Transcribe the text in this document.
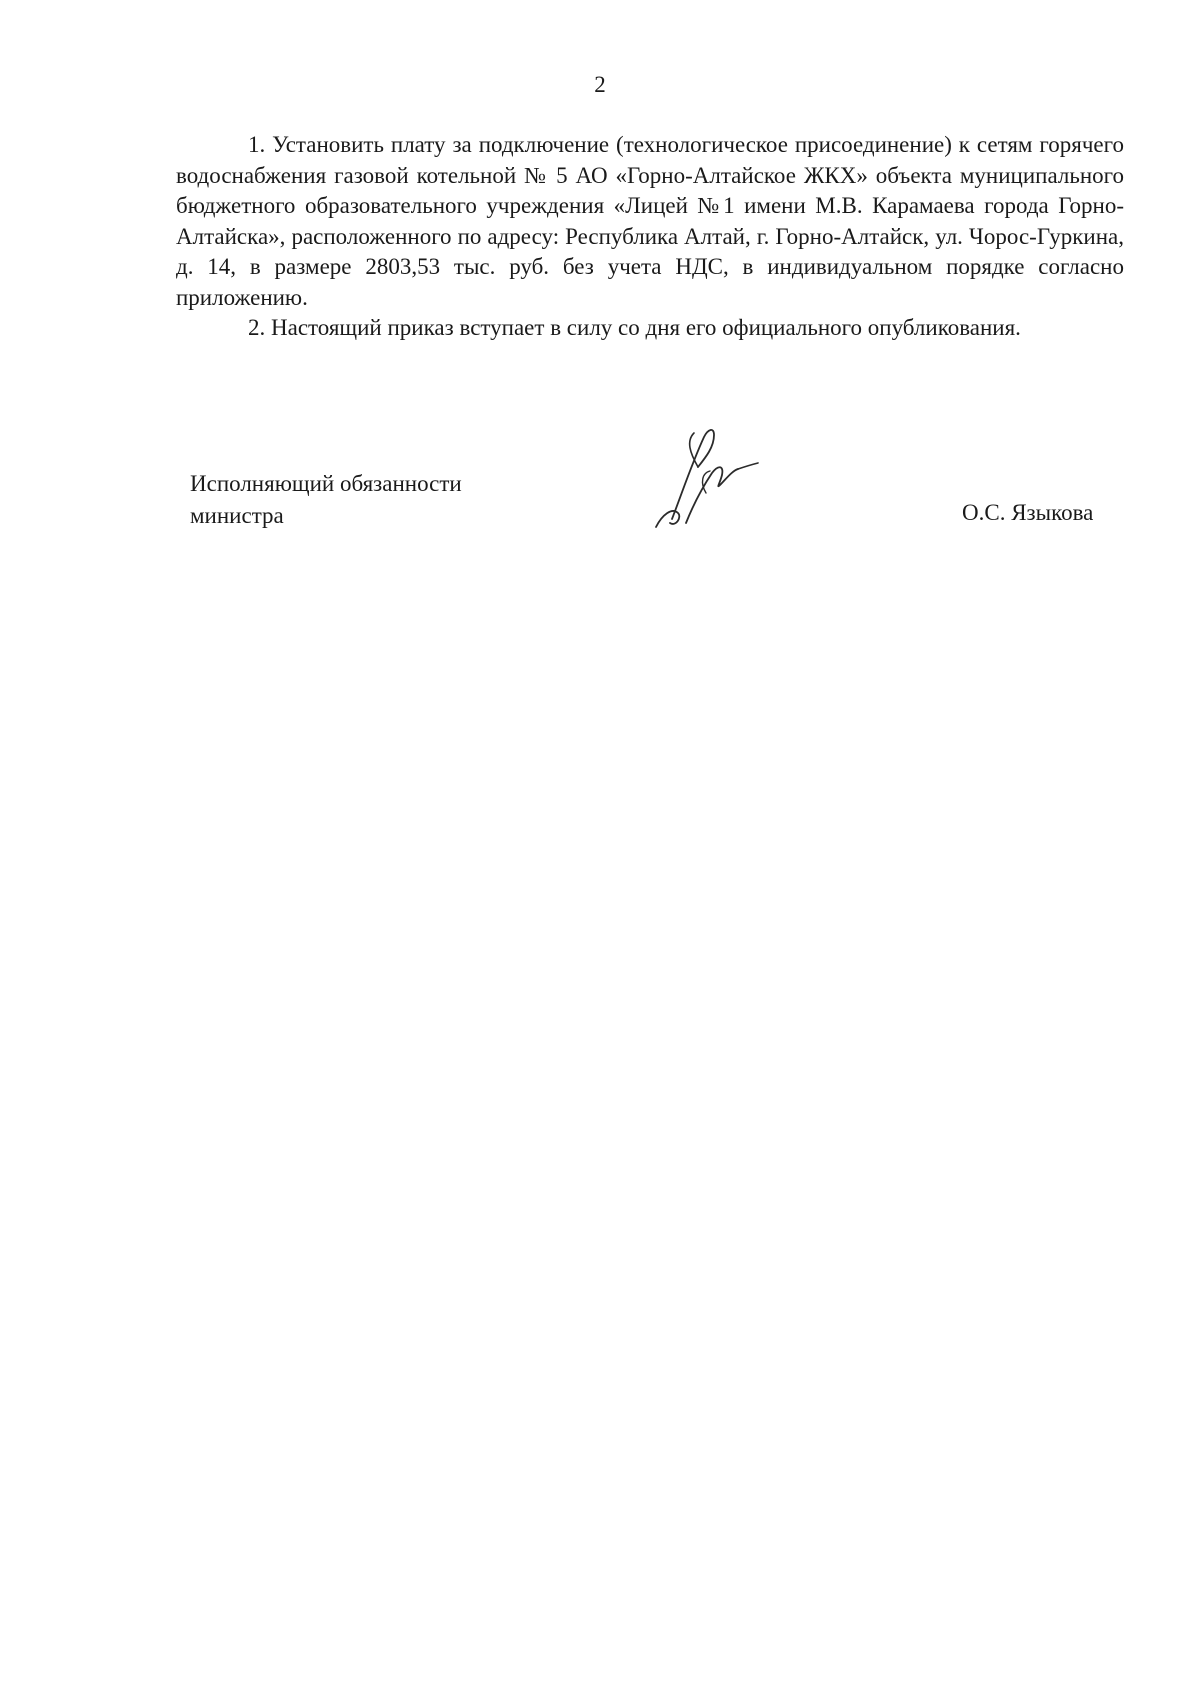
2

1. Установить плату за подключение (технологическое присоединение) к сетям горячего водоснабжения газовой котельной № 5 АО «Горно-Алтайское ЖКХ» объекта муниципального бюджетного образовательного учреждения «Лицей №1 имени М.В. Карамаева города Горно-Алтайска», расположенного по адресу: Республика Алтай, г. Горно-Алтайск, ул. Чорос-Гуркина, д. 14, в размере 2803,53 тыс. руб. без учета НДС, в индивидуальном порядке согласно приложению.

2. Настоящий приказ вступает в силу со дня его официального опубликования.

Исполняющий обязанности
министра	О.С. Языкова
